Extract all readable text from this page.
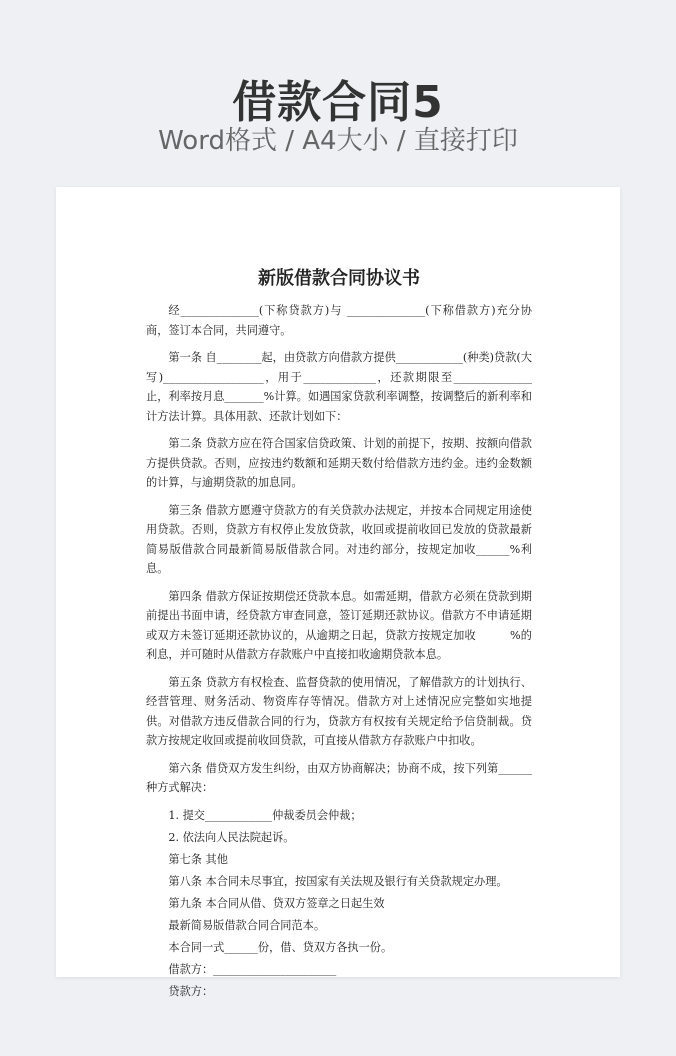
借款合同5
Word格式 / A4大小 / 直接打印
新版借款合同协议书

经______________(下称贷款方)与 ______________(下称借款方)充分协商，签订本合同，共同遵守。

第一条 自________起，由贷款方向借款方提供____________(种类)贷款(大写)__________________，用于_____________，还款期限至______________止，利率按月息_______%计算。如遇国家贷款利率调整，按调整后的新利率和计方法计算。具体用款、还款计划如下：

第二条 贷款方应在符合国家信贷政策、计划的前提下，按期、按额向借款方提供贷款。否则，应按违约数额和延期天数付给借款方违约金。违约金数额的计算，与逾期贷款的加息同。

第三条 借款方愿遵守贷款方的有关贷款办法规定，并按本合同规定用途使用贷款。否则，贷款方有权停止发放贷款，收回或提前收回已发放的贷款最新简易版借款合同最新简易版借款合同。对违约部分，按规定加收______%利息。

第四条 借款方保证按期偿还贷款本息。如需延期，借款方必须在贷款到期前提出书面申请，经贷款方审查同意，签订延期还款协议。借款方不申请延期或双方未签订延期还款协议的，从逾期之日起，贷款方按规定加收　　　%的利息，并可随时从借款方存款账户中直接扣收逾期贷款本息。

第五条 贷款方有权检查、监督贷款的使用情况，了解借款方的计划执行、经营管理、财务活动、物资库存等情况。借款方对上述情况应完整如实地提供。对借款方违反借款合同的行为，贷款方有权按有关规定给予信贷制裁。贷款方按规定收回或提前收回贷款，可直接从借款方存款账户中扣收。

第六条 借贷双方发生纠纷，由双方协商解决；协商不成，按下列第______种方式解决：

1. 提交____________仲裁委员会仲裁；
2. 依法向人民法院起诉。
第七条 其他
第八条 本合同未尽事宜，按国家有关法规及银行有关贷款规定办理。
第九条 本合同从借、贷双方签章之日起生效
最新简易版借款合同合同范本。
本合同一式______份，借、贷双方各执一份。
借款方：______________________
贷款方：
